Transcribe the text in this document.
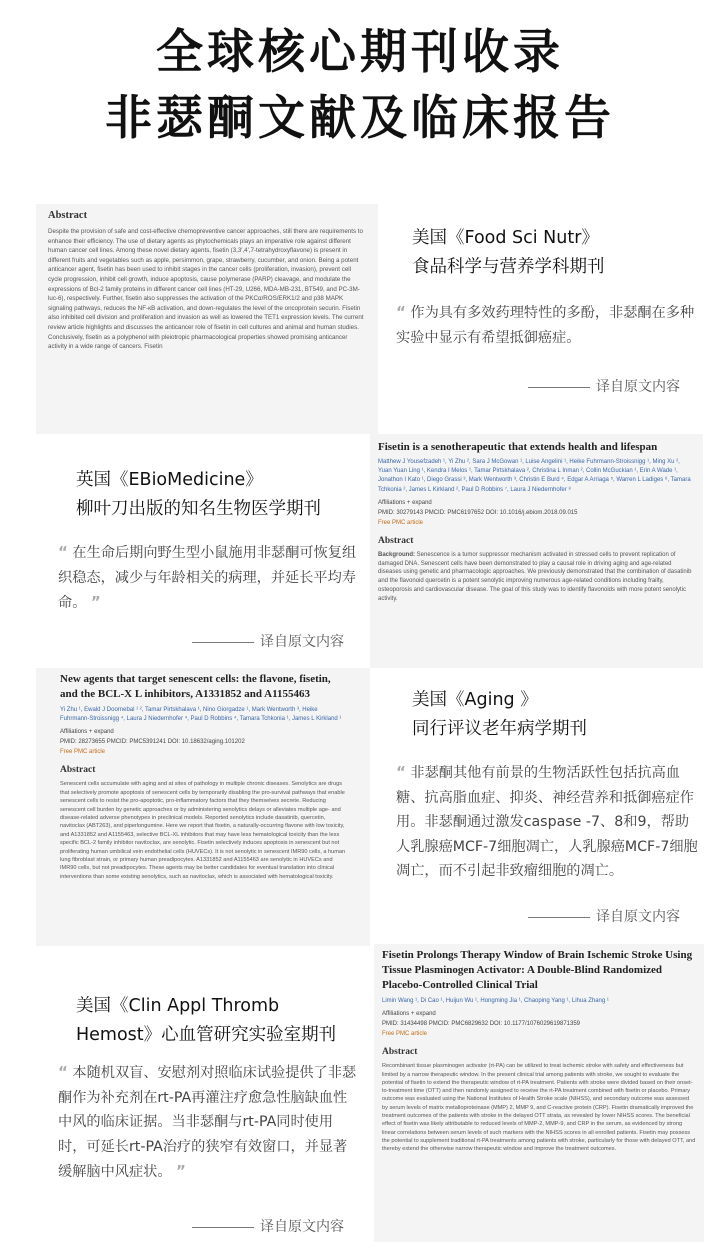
全球核心期刊收录
非瑟酮文献及临床报告
Abstract
Despite the provision of safe and cost-effective chemopreventive cancer approaches, still there are requirements to enhance their efficiency. The use of dietary agents as phytochemicals plays an imperative role against different human cancer cell lines. Among these novel dietary agents, fisetin (3,3′,4′,7-tetrahydroxyflavone) is present in different fruits and vegetables such as apple, persimmon, grape, strawberry, cucumber, and onion. Being a potent anticancer agent, fisetin has been used to inhibit stages in the cancer cells (proliferation, invasion), prevent cell cycle progression, inhibit cell growth, induce apoptosis, cause polymerase (PARP) cleavage, and modulate the expressions of Bcl-2 family proteins in different cancer cell lines (HT-29, U266, MDA-MB-231, BT549, and PC-3M-luc-6), respectively. Further, fisetin also suppresses the activation of the PKCα/ROS/ERK1/2 and p38 MAPK signaling pathways, reduces the NF-κB activation, and down-regulates the level of the oncoprotein securin. Fisetin also inhibited cell division and proliferation and invasion as well as lowered the TET1 expression levels. The current review article highlights and discusses the anticancer role of fisetin in cell cultures and animal and human studies. Conclusively, fisetin as a polyphenol with pleiotropic pharmacological properties showed promising anticancer activity in a wide range of cancers. Fisetin
美国《Food Sci Nutr》
食品科学与营养学科期刊
“ 作为具有多效药理特性的多酚，非瑟酮在多种实验中显示有希望抵御癌症。
译自原文内容
Fisetin is a senotherapeutic that extends health and lifespan
Matthew J Yousefzadeh ¹, Yi Zhu ², Sara J McGowan ¹, Luise Angelini ¹, Heike Fuhrmann-Stroissnigg ¹, Ming Xu ², Yuan Yuan Ling ¹, Kendra I Melos ¹, Tamar Pirtskhalava ², Christina L Inman ², Collin McGuckian ¹, Erin A Wade ¹, Jonathon I Kato ¹, Diego Grassi ³, Mark Wentworth ³, Christin E Burd ⁴, Edgar A Arriaga ⁵, Warren L Ladiges ⁶, Tamara Tchkonia ², James L Kirkland ², Paul D Robbins ⁷, Laura J Niedernhofer ⁸
Affiliations + expand
PMID: 30279143 PMCID: PMC6197652 DOI: 10.1016/j.ebiom.2018.09.015
Free PMC article
Abstract
Background: Senescence is a tumor suppressor mechanism activated in stressed cells to prevent replication of damaged DNA. Senescent cells have been demonstrated to play a causal role in driving aging and age-related diseases using genetic and pharmacologic approaches. We previously demonstrated that the combination of dasatinib and the flavonoid quercetin is a potent senolytic improving numerous age-related conditions including frailty, osteoporosis and cardiovascular disease. The goal of this study was to identify flavonoids with more potent senolytic activity.
英国《EBioMedicine》
柳叶刀出版的知名生物医学期刊
“ 在生命后期向野生型小鼠施用非瑟酮可恢复组织稳态，减少与年龄相关的病理，并延长平均寿命。 ”
译自原文内容
New agents that target senescent cells: the flavone, fisetin, and the BCL-X L inhibitors, A1331852 and A1155463
Yi Zhu ¹, Ewald J Doornebal ¹ ², Tamar Pirtskhalava ¹, Nino Giorgadze ¹, Mark Wentworth ³, Heike Fuhrmann-Stroissnigg ⁴, Laura J Niedernhofer ⁴, Paul D Robbins ⁴, Tamara Tchkonia ¹, James L Kirkland ¹
Affiliations + expand
PMID: 28273655 PMCID: PMC5391241 DOI: 10.18632/aging.101202
Free PMC article
Abstract
Senescent cells accumulate with aging and at sites of pathology in multiple chronic diseases. Senolytics are drugs that selectively promote apoptosis of senescent cells by temporarily disabling the pro-survival pathways that enable senescent cells to resist the pro-apoptotic, pro-inflammatory factors that they themselves secrete. Reducing senescent cell burden by genetic approaches or by administering senolytics delays or alleviates multiple age- and disease-related adverse phenotypes in preclinical models. Reported senolytics include dasatinib, quercetin, navitoclax (ABT263), and piperlongumine. Here we report that fisetin, a naturally-occurring flavone with low toxicity, and A1331852 and A1155463, selective BCL-XL inhibitors that may have less hematological toxicity than the less specific BCL-2 family inhibitor navitoclax, are senolytic. Fisetin selectively induces apoptosis in senescent but not proliferating human umbilical vein endothelial cells (HUVECs). It is not senolytic in senescent IMR90 cells, a human lung fibroblast strain, or primary human preadipocytes. A1331852 and A1155463 are senolytic in HUVECs and IMR90 cells, but not preadipocytes. These agents may be better candidates for eventual translation into clinical interventions than some existing senolytics, such as navitoclax, which is associated with hematological toxicity.
美国《Aging 》
同行评议老年病学期刊
“ 非瑟酮其他有前景的生物活跃性包括抗高血糖、抗高脂血症、抑炎、神经营养和抵御癌症作用。非瑟酮通过激发caspase -7、8和9，帮助人乳腺癌MCF-7细胞凋亡，人乳腺癌MCF-7细胞凋亡，而不引起非致瘤细胞的凋亡。
译自原文内容
Fisetin Prolongs Therapy Window of Brain Ischemic Stroke Using Tissue Plasminogen Activator: A Double-Blind Randomized Placebo-Controlled Clinical Trial
Limin Wang ¹, Di Cao ¹, Huijun Wu ¹, Hongming Jia ¹, Chaoping Yang ¹, Lihua Zhang ¹
Affiliations + expand
PMID: 31434498 PMCID: PMC6829632 DOI: 10.1177/1076029619871359
Free PMC article
Abstract
Recombinant tissue plasminogen activator (rt-PA) can be utilized to treat ischemic stroke with safety and effectiveness but limited by a narrow therapeutic window. In the present clinical trial among patients with stroke, we sought to evaluate the potential of fisetin to extend the therapeutic window of rt-PA treatment. Patients with stroke were divided based on their onset-to-treatment time (OTT) and then randomly assigned to receive the rt-PA treatment combined with fisetin or placebo. Primary outcome was evaluated using the National Institutes of Health Stroke scale (NIHSS), and secondary outcome was assessed by serum levels of matrix metalloproteinase (MMP) 2, MMP 9, and C-reactive protein (CRP). Fisetin dramatically improved the treatment outcomes of the patients with stroke in the delayed OTT strata, as revealed by lower NIHSS scores. The beneficial effect of fisetin was likely attributable to reduced levels of MMP-2, MMP-9, and CRP in the serum, as evidenced by strong linear correlations between serum levels of such markers with the NIHSS scores in all enrolled patients. Fisetin may possess the potential to supplement traditional rt-PA treatments among patients with stroke, particularly for those with delayed OTT, and thereby extend the otherwise narrow therapeutic window and improve the treatment outcomes.
美国《Clin Appl Thromb
Hemost》心血管研究实验室期刊
“ 本随机双盲、安慰剂对照临床试验提供了非瑟酮作为补充剂在rt-PA再灌注疗愈急性脑缺血性中风的临床证据。当非瑟酮与rt-PA同时使用时，可延长rt-PA治疗的狭窄有效窗口，并显著缓解脑中风症状。 ”
译自原文内容
